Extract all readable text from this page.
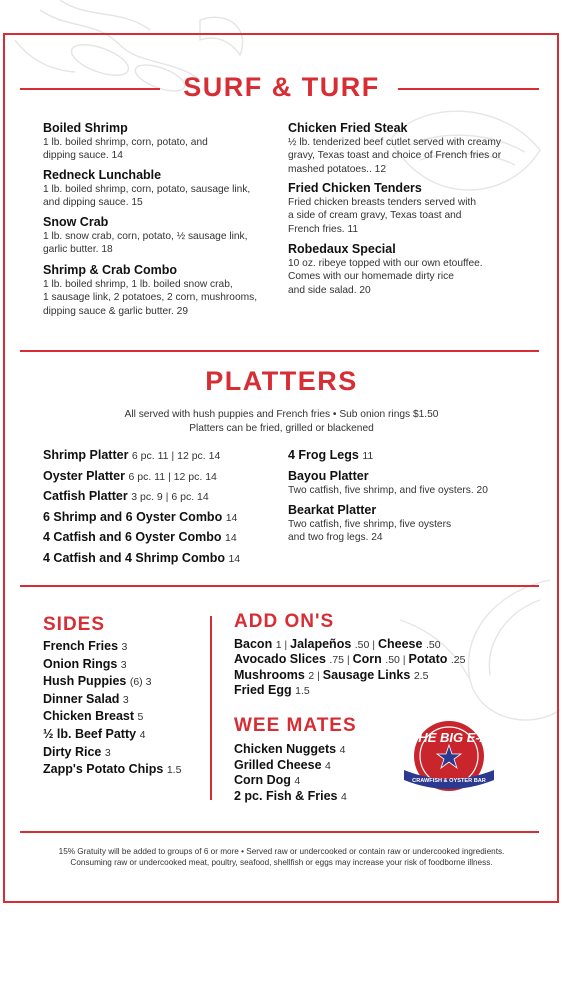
SURF & TURF
Boiled Shrimp
1 lb. boiled shrimp, corn, potato, and
dipping sauce. 14
Redneck Lunchable
1 lb. boiled shrimp, corn, potato, sausage link,
and dipping sauce. 15
Snow Crab
1 lb. snow crab, corn, potato, ½ sausage link,
garlic butter. 18
Shrimp & Crab Combo
1 lb. boiled shrimp, 1 lb. boiled snow crab,
1 sausage link, 2 potatoes, 2 corn, mushrooms,
dipping sauce & garlic butter. 29
Chicken Fried Steak
½ lb. tenderized beef cutlet served with creamy
gravy, Texas toast and choice of French fries or
mashed potatoes.. 12
Fried Chicken Tenders
Fried chicken breasts tenders served with
a side of cream gravy, Texas toast and
French fries. 11
Robedaux Special
10 oz. ribeye topped with our own etouffee.
Comes with our homemade dirty rice
and side salad. 20
PLATTERS
All served with hush puppies and French fries • Sub onion rings $1.50
Platters can be fried, grilled or blackened
Shrimp Platter 6 pc. 11 | 12 pc. 14
Oyster Platter 6 pc. 11 | 12 pc. 14
Catfish Platter 3 pc. 9 | 6 pc. 14
6 Shrimp and 6 Oyster Combo 14
4 Catfish and 6 Oyster Combo 14
4 Catfish and 4 Shrimp Combo 14
4 Frog Legs 11
Bayou Platter
Two catfish, five shrimp, and five oysters. 20
Bearkat Platter
Two catfish, five shrimp, five oysters
and two frog legs. 24
SIDES
French Fries 3
Onion Rings 3
Hush Puppies (6) 3
Dinner Salad 3
Chicken Breast 5
½ lb. Beef Patty 4
Dirty Rice 3
Zapp's Potato Chips 1.5
ADD ON'S
Bacon 1 | Jalapeños .50 | Cheese .50
Avocado Slices .75 | Corn .50 | Potato .25
Mushrooms 2 | Sausage Links 2.5
Fried Egg 1.5
WEE MATES
Chicken Nuggets 4
Grilled Cheese 4
Corn Dog 4
2 pc. Fish & Fries 4
THE BIG E-Z
CRAWFISH & OYSTER BAR
15% Gratuity will be added to groups of 6 or more • Served raw or undercooked or contain raw or undercooked ingredients.
Consuming raw or undercooked meat, poultry, seafood, shellfish or eggs may increase your risk of foodborne illness.
